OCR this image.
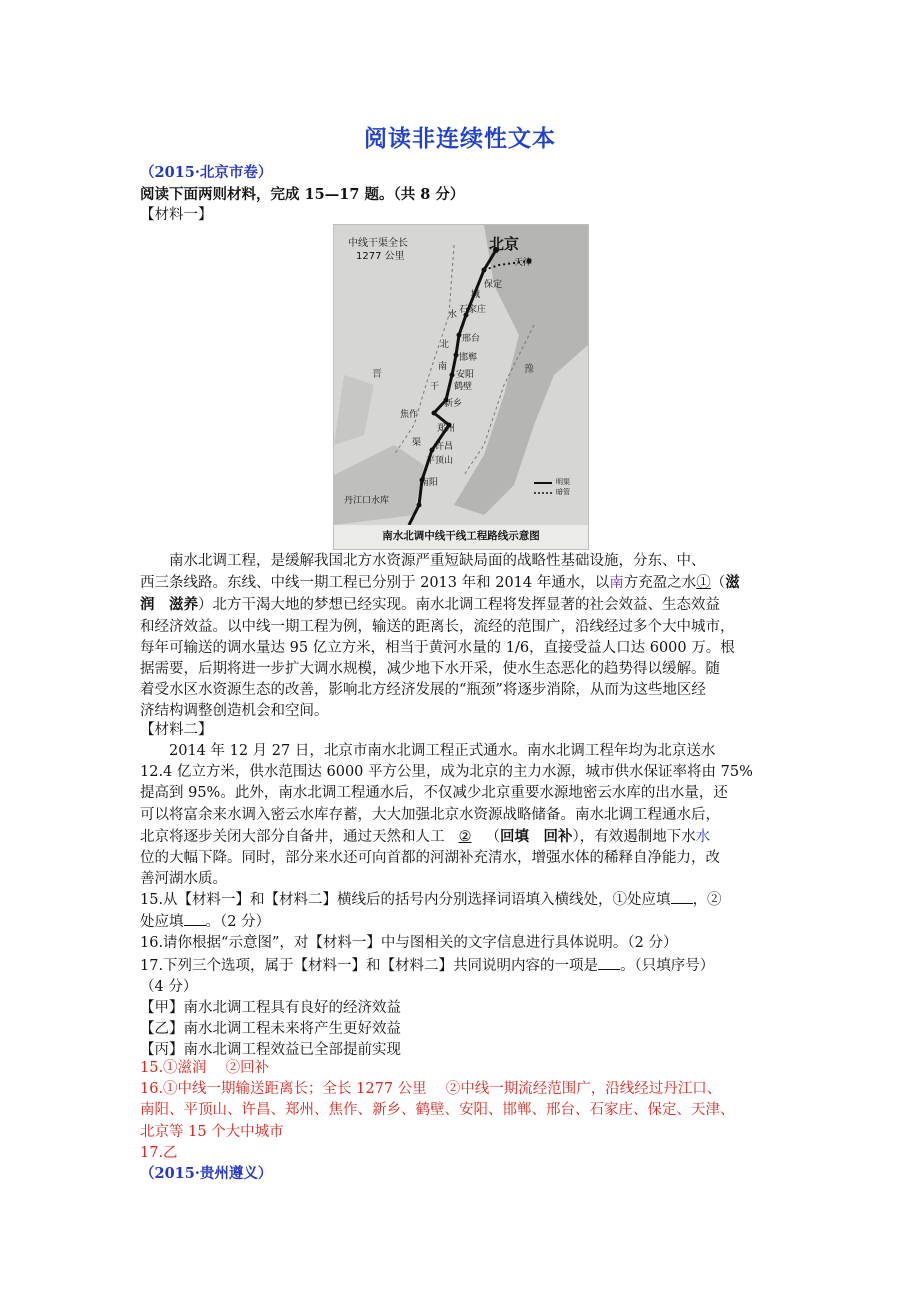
阅读非连续性文本
（2015·北京市卷）
阅读下面两则材料，完成 15—17 题。（共 8 分）
【材料一】
中线干渠全长
1277 公里
北京
天津
保定
石家庄
邢台
邯郸
安阳
鹤壁
新乡
焦作
郑州
许昌
平顶山
南阳
丹江口水库
城
水
北
南
干
渠
晋	豫
明渠
暗管
南水北调中线干线工程路线示意图
南水北调工程，是缓解我国北方水资源严重短缺局面的战略性基础设施，分东、中、
西三条线路。东线、中线一期工程已分别于 2013 年和 2014 年通水，以南方充盈之水①（滋
润　滋养）北方干渴大地的梦想已经实现。南水北调工程将发挥显著的社会效益、生态效益
和经济效益。以中线一期工程为例，输送的距离长，流经的范围广，沿线经过多个大中城市，
每年可输送的调水量达 95 亿立方米，相当于黄河水量的 1/6，直接受益人口达 6000 万。根
据需要，后期将进一步扩大调水规模，减少地下水开采，使水生态恶化的趋势得以缓解。随
着受水区水资源生态的改善，影响北方经济发展的“瓶颈”将逐步消除，从而为这些地区经
济结构调整创造机会和空间。
【材料二】
2014 年 12 月 27 日，北京市南水北调工程正式通水。南水北调工程年均为北京送水
12.4 亿立方米，供水范围达 6000 平方公里，成为北京的主力水源，城市供水保证率将由 75%
提高到 95%。此外，南水北调工程通水后，不仅减少北京重要水源地密云水库的出水量，还
可以将富余来水调入密云水库存蓄，大大加强北京水资源战略储备。南水北调工程通水后，
北京将逐步关闭大部分自备井，通过天然和人工 ② （回填　回补），有效遏制地下水水
位的大幅下降。同时，部分来水还可向首都的河湖补充清水，增强水体的稀释自净能力，改
善河湖水质。
15.从【材料一】和【材料二】横线后的括号内分别选择词语填入横线处，①处应填 ，②
处应填 。（2 分）
16.请你根据“示意图”，对【材料一】中与图相关的文字信息进行具体说明。（2 分）
17.下列三个选项，属于【材料一】和【材料二】共同说明内容的一项是 。（只填序号）
（4 分）
【甲】南水北调工程具有良好的经济效益
【乙】南水北调工程未来将产生更好效益
【丙】南水北调工程效益已全部提前实现
15.①滋润　 ②回补
16.①中线一期输送距离长；全长 1277 公里　 ②中线一期流经范围广，沿线经过丹江口、
南阳、平顶山、许昌、郑州、焦作、新乡、鹤壁、安阳、邯郸、邢台、石家庄、保定、天津、
北京等 15 个大中城市
17.乙
（2015·贵州遵义）
